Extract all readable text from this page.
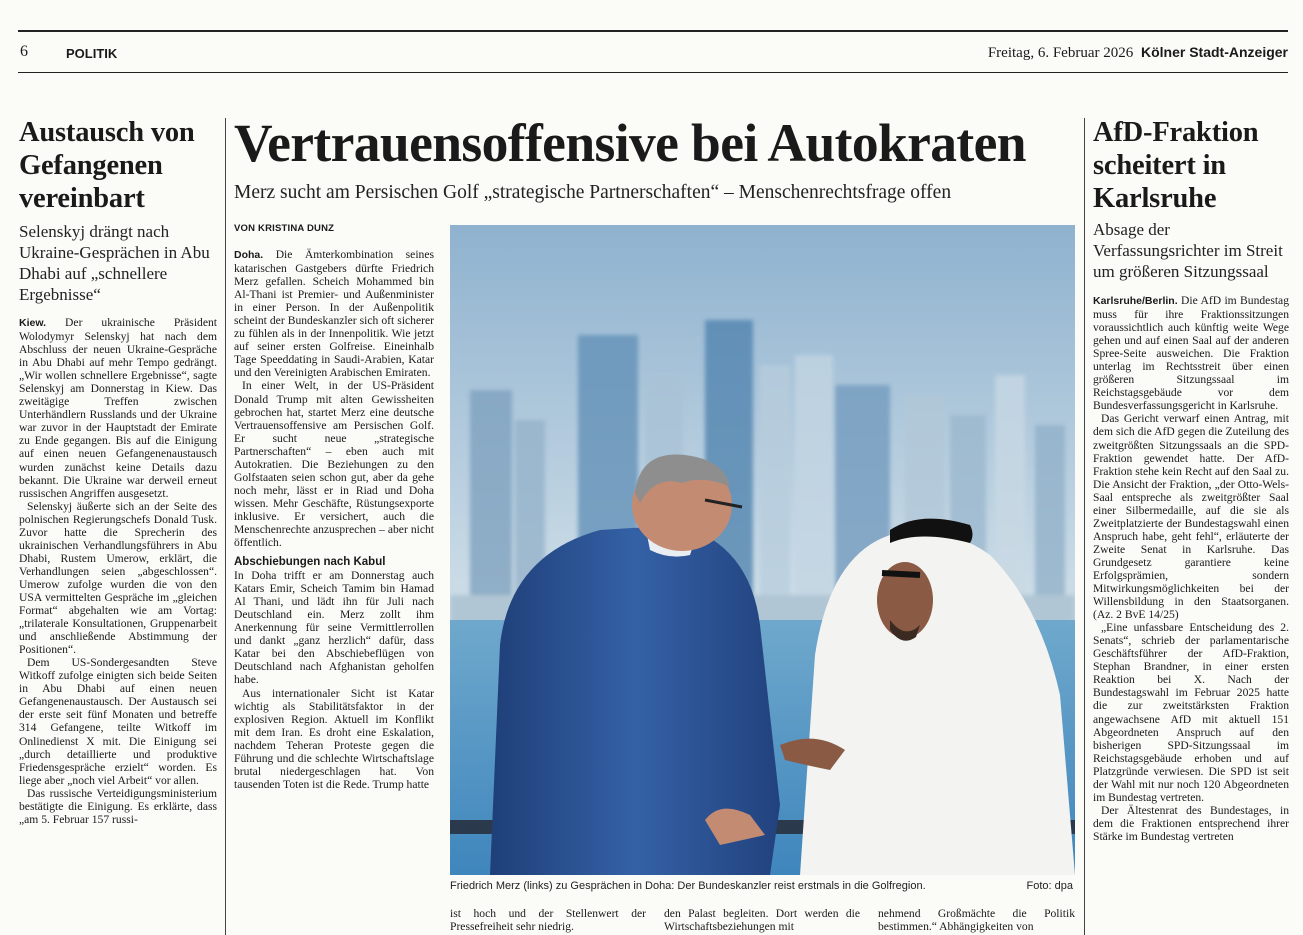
6	POLITIK	Freitag, 6. Februar 2026 Kölner Stadt-Anzeiger
Austausch von Gefangenen vereinbart
Selenskyj drängt nach Ukraine-Gesprächen in Abu Dhabi auf „schnellere Ergebnisse“

Kiew. Der ukrainische Präsident Wolodymyr Selenskyj hat nach dem Abschluss der neuen Ukraine-Gespräche in Abu Dhabi auf mehr Tempo gedrängt. „Wir wollen schnellere Ergebnisse“, sagte Selenskyj am Donnerstag in Kiew. Das zweitägige Treffen zwischen Unterhändlern Russlands und der Ukraine war zuvor in der Hauptstadt der Emirate zu Ende gegangen. Bis auf die Einigung auf einen neuen Gefangenenaustausch wurden zunächst keine Details dazu bekannt. Die Ukraine war derweil erneut russischen Angriffen ausgesetzt.

Selenskyj äußerte sich an der Seite des polnischen Regierungschefs Donald Tusk. Zuvor hatte die Sprecherin des ukrainischen Verhandlungsführers in Abu Dhabi, Rustem Umerow, erklärt, die Verhandlungen seien „abgeschlossen“. Umerow zufolge wurden die von den USA vermittelten Gespräche im „gleichen Format“ abgehalten wie am Vortag: „trilaterale Konsultationen, Gruppenarbeit und anschließende Abstimmung der Positionen“.

Dem US-Sondergesandten Steve Witkoff zufolge einigten sich beide Seiten in Abu Dhabi auf einen neuen Gefangenenaustausch. Der Austausch sei der erste seit fünf Monaten und betreffe 314 Gefangene, teilte Witkoff im Onlinedienst X mit. Die Einigung sei „durch detaillierte und produktive Friedensgespräche erzielt“ worden. Es liege aber „noch viel Arbeit“ vor allen.

Das russische Verteidigungsministerium bestätigte die Einigung. Es erklärte, dass „am 5. Februar 157 russi-

Vertrauensoffensive bei Autokraten
Merz sucht am Persischen Golf „strategische Partnerschaften“ – Menschenrechtsfrage offen
VON KRISTINA DUNZ

Doha. Die Ämterkombination seines katarischen Gastgebers dürfte Friedrich Merz gefallen. Scheich Mohammed bin Al-Thani ist Premier- und Außenminister in einer Person. In der Außenpolitik scheint der Bundeskanzler sich oft sicherer zu fühlen als in der Innenpolitik. Wie jetzt auf seiner ersten Golfreise. Eineinhalb Tage Speeddating in Saudi-Arabien, Katar und den Vereinigten Arabischen Emiraten.

In einer Welt, in der US-Präsident Donald Trump mit alten Gewissheiten gebrochen hat, startet Merz eine deutsche Vertrauensoffensive am Persischen Golf. Er sucht neue „strategische Partnerschaften“ – eben auch mit Autokratien. Die Beziehungen zu den Golfstaaten seien schon gut, aber da gehe noch mehr, lässt er in Riad und Doha wissen. Mehr Geschäfte, Rüstungsexporte inklusive. Er versichert, auch die Menschenrechte anzusprechen – aber nicht öffentlich.

Abschiebungen nach Kabul

In Doha trifft er am Donnerstag auch Katars Emir, Scheich Tamim bin Hamad Al Thani, und lädt ihn für Juli nach Deutschland ein. Merz zollt ihm Anerkennung für seine Vermittlerrollen und dankt „ganz herzlich“ dafür, dass Katar bei den Abschiebeflügen von Deutschland nach Afghanistan geholfen habe.

Aus internationaler Sicht ist Katar wichtig als Stabilitätsfaktor in der explosiven Region. Aktuell im Konflikt mit dem Iran. Es droht eine Eskalation, nachdem Teheran Proteste gegen die Führung und die schlechte Wirtschaftslage brutal niedergeschlagen hat. Von tausenden Toten ist die Rede. Trump hatte

Friedrich Merz (links) zu Gesprächen in Doha: Der Bundeskanzler reist erstmals in die Golfregion.	Foto: dpa
ist hoch und der Stellenwert der Pressefreiheit sehr niedrig.
den Palast begleiten. Dort werden die Wirtschaftsbeziehungen mit
nehmend Großmächte die Politik bestimmen.“ Abhängigkeiten von
AfD-Fraktion scheitert in Karlsruhe
Absage der Verfassungsrichter im Streit um größeren Sitzungssaal

Karlsruhe/Berlin. Die AfD im Bundestag muss für ihre Fraktionssitzungen voraussichtlich auch künftig weite Wege gehen und auf einen Saal auf der anderen Spree-Seite ausweichen. Die Fraktion unterlag im Rechtsstreit über einen größeren Sitzungssaal im Reichstagsgebäude vor dem Bundesverfassungsgericht in Karlsruhe.

Das Gericht verwarf einen Antrag, mit dem sich die AfD gegen die Zuteilung des zweitgrößten Sitzungssaals an die SPD-Fraktion gewendet hatte. Der AfD-Fraktion stehe kein Recht auf den Saal zu. Die Ansicht der Fraktion, „der Otto-Wels-Saal entspreche als zweitgrößter Saal einer Silbermedaille, auf die sie als Zweitplatzierte der Bundestagswahl einen Anspruch habe, geht fehl“, erläuterte der Zweite Senat in Karlsruhe. Das Grundgesetz garantiere keine Erfolgsprämien, sondern Mitwirkungsmöglichkeiten bei der Willensbildung in den Staatsorganen. (Az. 2 BvE 14/25)

„Eine unfassbare Entscheidung des 2. Senats“, schrieb der parlamentarische Geschäftsführer der AfD-Fraktion, Stephan Brandner, in einer ersten Reaktion bei X. Nach der Bundestagswahl im Februar 2025 hatte die zur zweitstärksten Fraktion angewachsene AfD mit aktuell 151 Abgeordneten Anspruch auf den bisherigen SPD-Sitzungssaal im Reichstagsgebäude erhoben und auf Platzgründe verwiesen. Die SPD ist seit der Wahl mit nur noch 120 Abgeordneten im Bundestag vertreten.

Der Ältestenrat des Bundestages, in dem die Fraktionen entsprechend ihrer Stärke im Bundestag vertreten
